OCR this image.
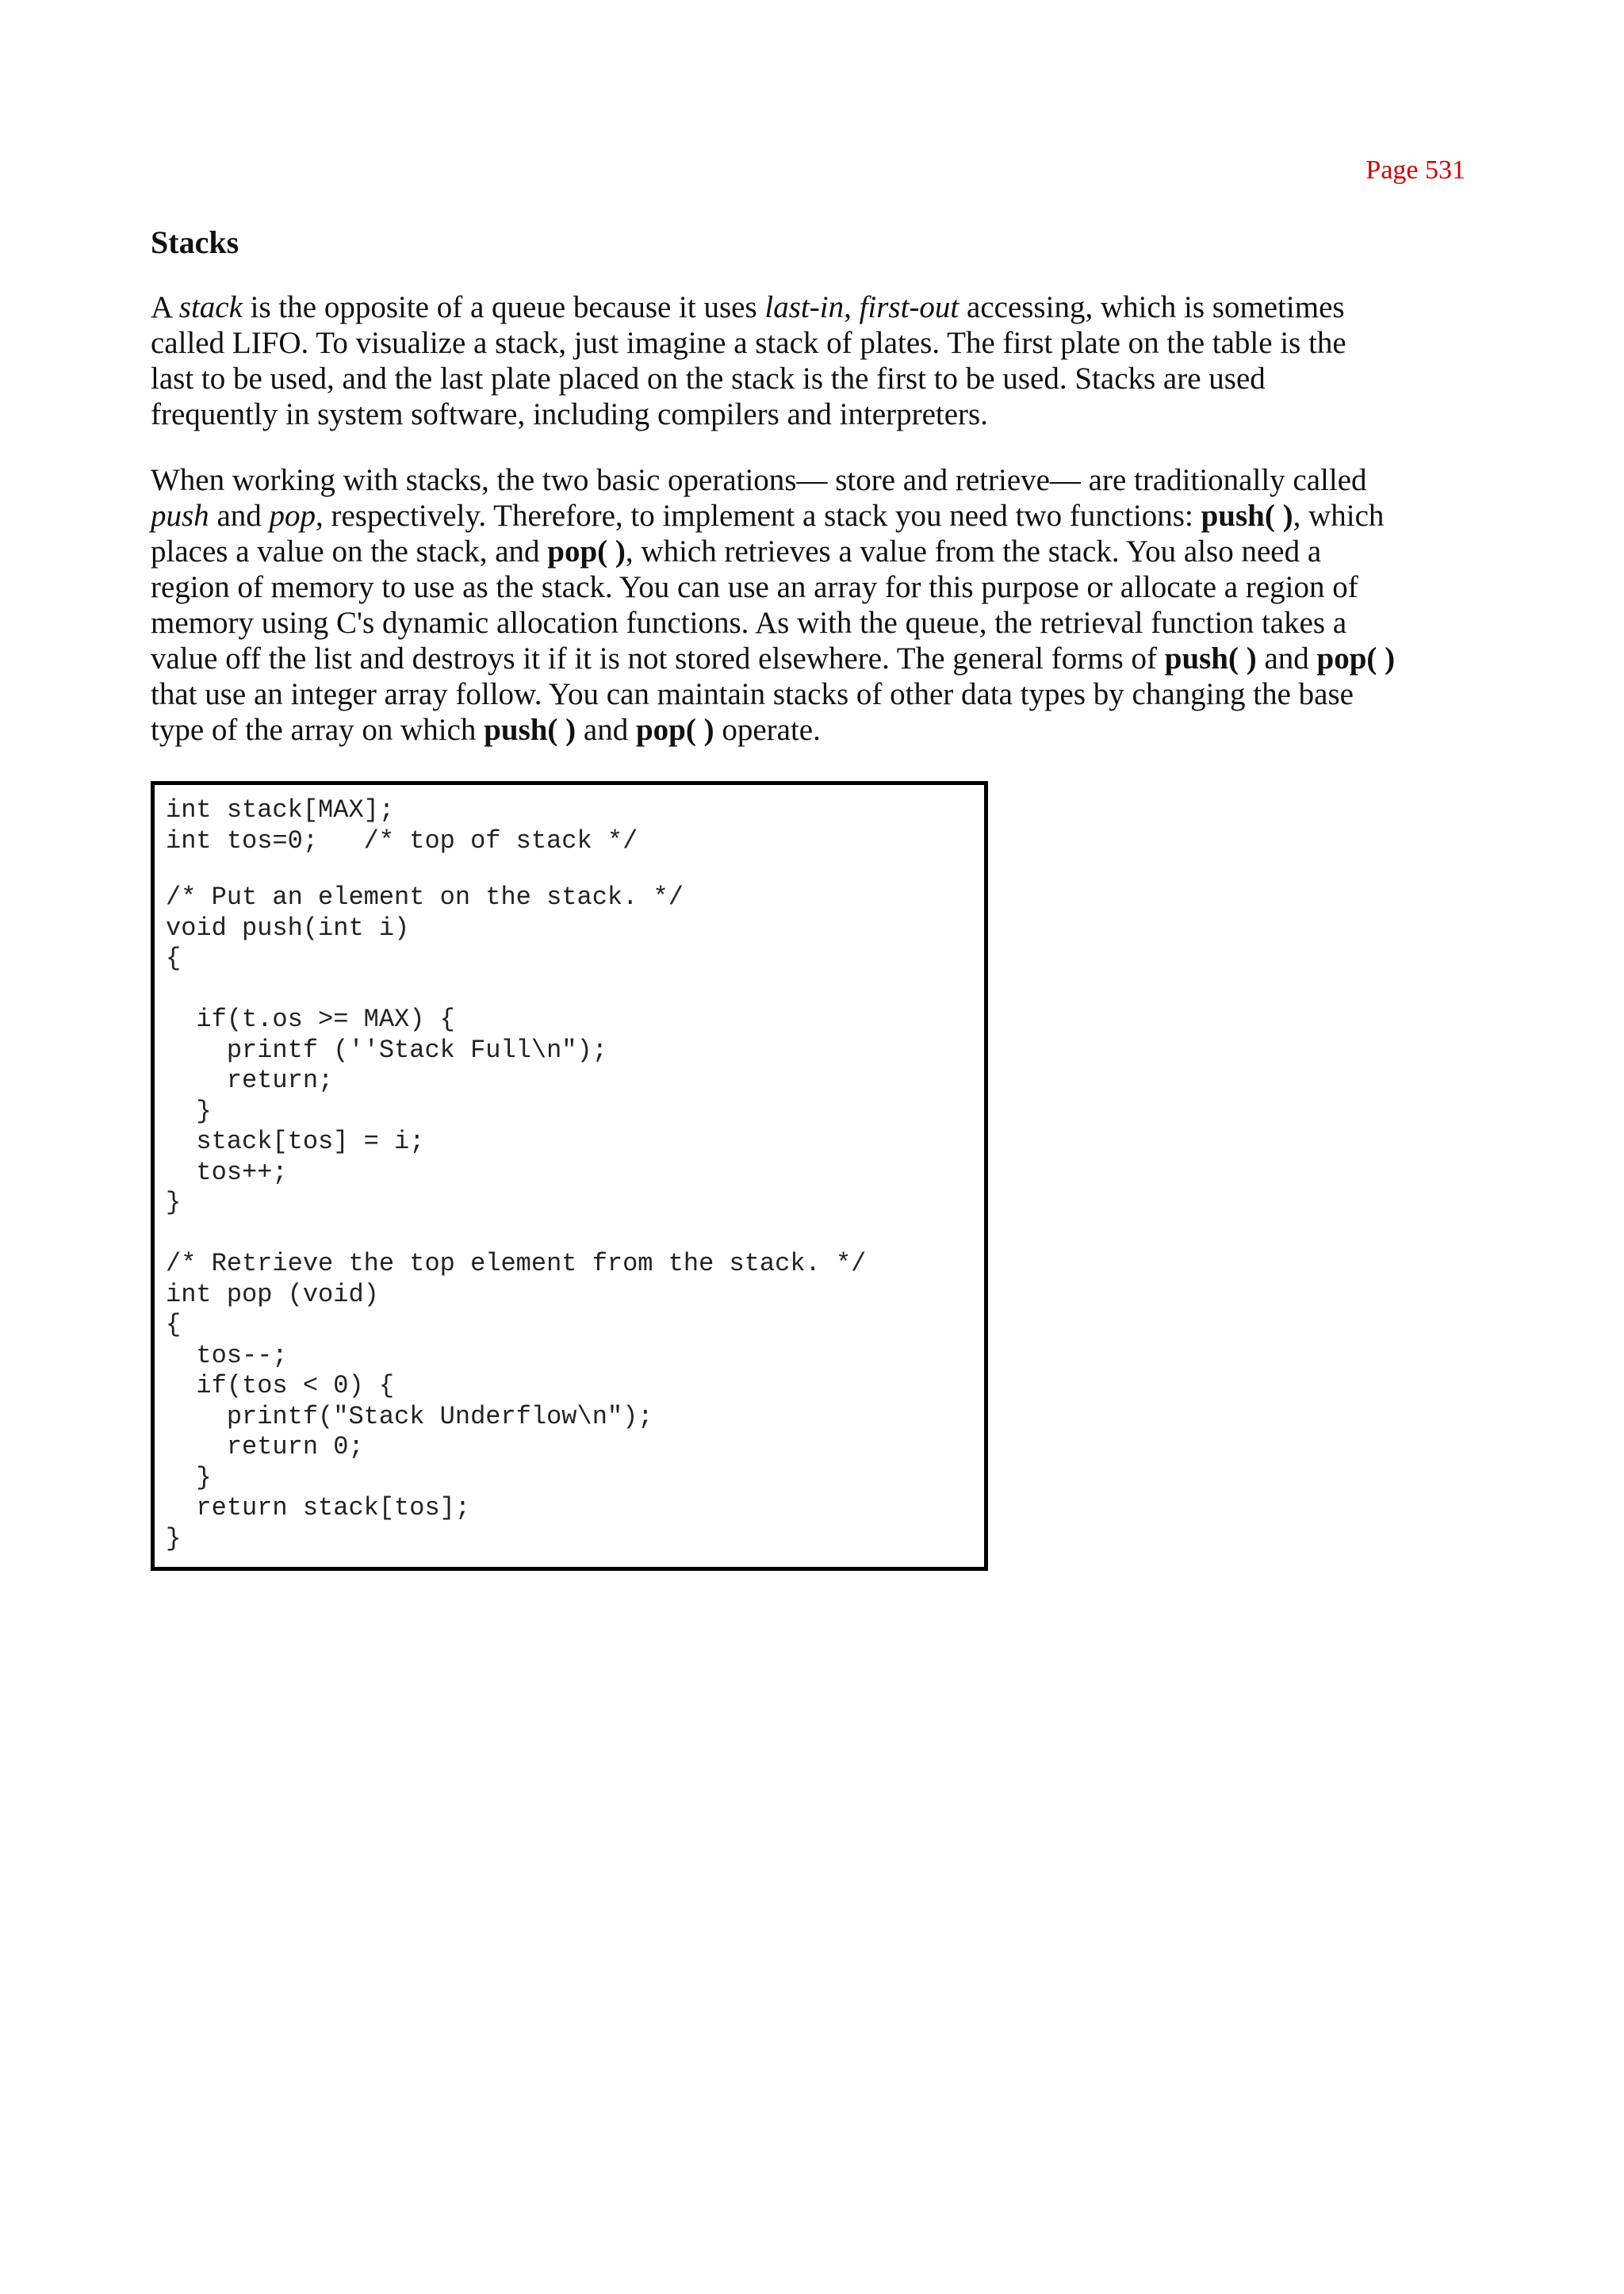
Page 531
Stacks
A stack is the opposite of a queue because it uses last-in, first-out accessing, which is sometimes
called LIFO. To visualize a stack, just imagine a stack of plates. The first plate on the table is the
last to be used, and the last plate placed on the stack is the first to be used. Stacks are used
frequently in system software, including compilers and interpreters.
When working with stacks, the two basic operations— store and retrieve— are traditionally called
push and pop, respectively. Therefore, to implement a stack you need two functions: push( ), which
places a value on the stack, and pop( ), which retrieves a value from the stack. You also need a
region of memory to use as the stack. You can use an array for this purpose or allocate a region of
memory using C's dynamic allocation functions. As with the queue, the retrieval function takes a
value off the list and destroys it if it is not stored elsewhere. The general forms of push( ) and pop( )
that use an integer array follow. You can maintain stacks of other data types by changing the base
type of the array on which push( ) and pop( ) operate.
int stack[MAX];
int tos=0;   /* top of stack */
/* Put an element on the stack. */
void push(int i)
{
if(t.os >= MAX) {
printf (''Stack Full\n");
return;
}
stack[tos] = i;
tos++;
}
/* Retrieve the top element from the stack. */
int pop (void)
{
tos--;
if(tos < 0) {
printf("Stack Underflow\n");
return 0;
}
return stack[tos];
}
